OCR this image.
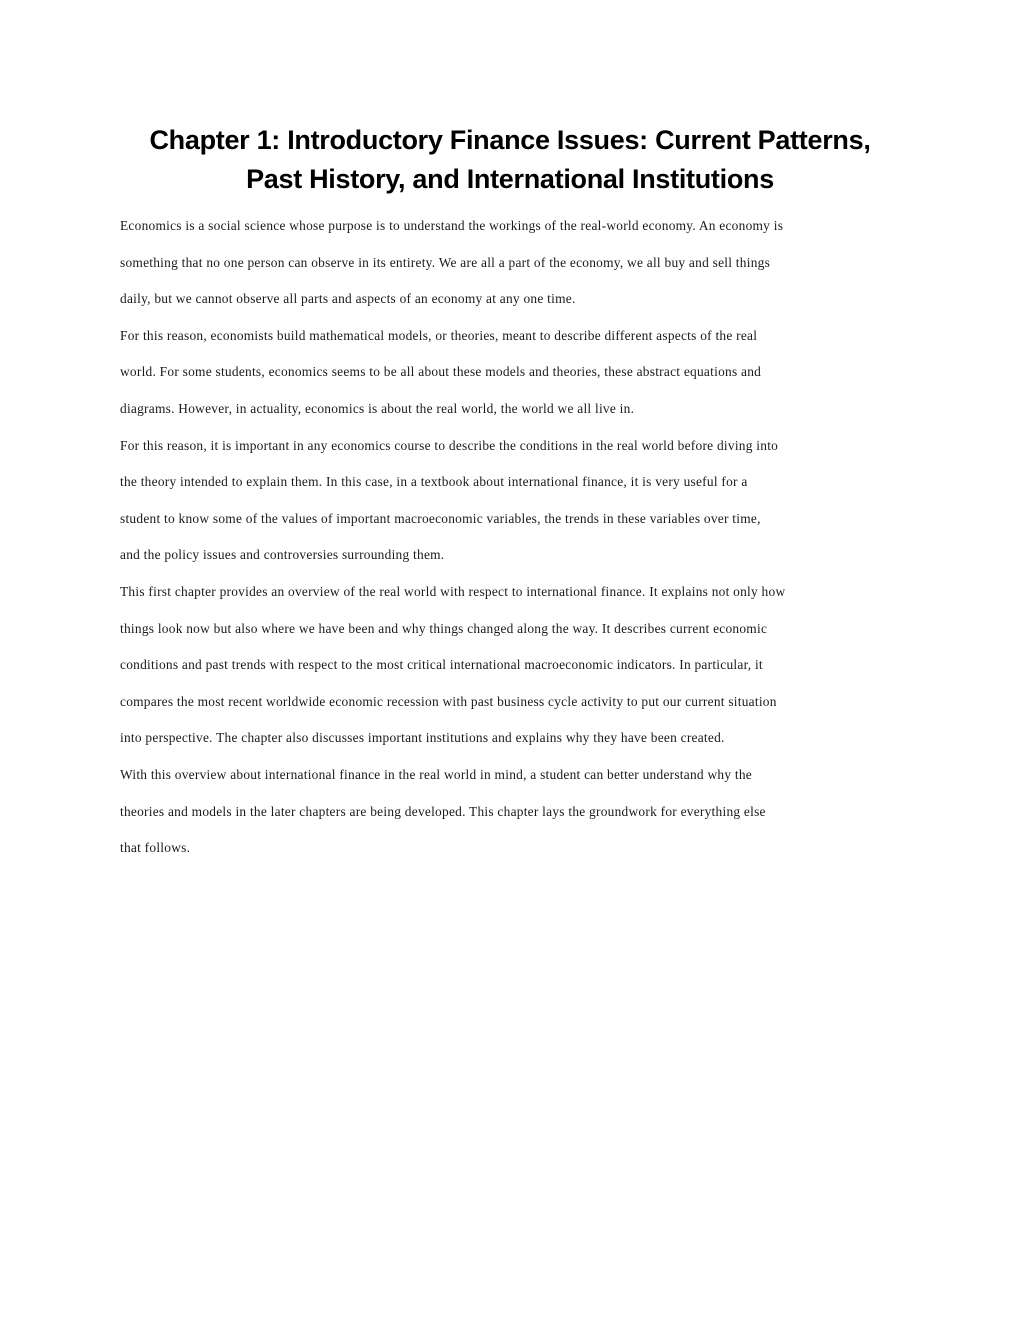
Chapter 1: Introductory Finance Issues: Current Patterns,
Past History, and International Institutions

Economics is a social science whose purpose is to understand the workings of the real-world economy. An economy is
something that no one person can observe in its entirety. We are all a part of the economy, we all buy and sell things
daily, but we cannot observe all parts and aspects of an economy at any one time.

For this reason, economists build mathematical models, or theories, meant to describe different aspects of the real
world. For some students, economics seems to be all about these models and theories, these abstract equations and
diagrams. However, in actuality, economics is about the real world, the world we all live in.

For this reason, it is important in any economics course to describe the conditions in the real world before diving into
the theory intended to explain them. In this case, in a textbook about international finance, it is very useful for a
student to know some of the values of important macroeconomic variables, the trends in these variables over time,
and the policy issues and controversies surrounding them.

This first chapter provides an overview of the real world with respect to international finance. It explains not only how
things look now but also where we have been and why things changed along the way. It describes current economic
conditions and past trends with respect to the most critical international macroeconomic indicators. In particular, it
compares the most recent worldwide economic recession with past business cycle activity to put our current situation
into perspective. The chapter also discusses important institutions and explains why they have been created.

With this overview about international finance in the real world in mind, a student can better understand why the
theories and models in the later chapters are being developed. This chapter lays the groundwork for everything else
that follows.
